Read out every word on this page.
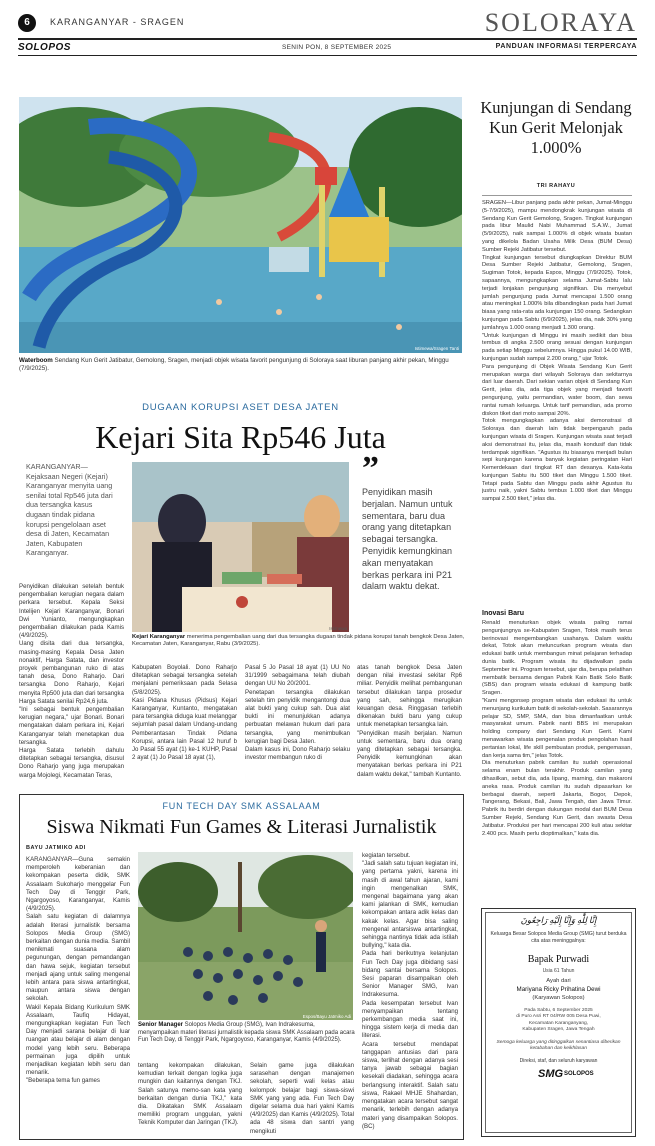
6	KARANGANYAR - SRAGEN	SOLORAYA
SOLOPOS	SENIN PON, 8 SEPTEMBER 2025	PANDUAN INFORMASI TERPERCAYA
Istimewa/Sragen Tanti
Waterboom Sendang Kun Gerit Jatibatur, Gemolong, Sragen, menjadi objek wisata favorit pengunjung di Soloraya saat liburan panjang akhir pekan, Minggu (7/9/2025).
Kunjungan di Sendang Kun Gerit Melonjak 1.000%
TRI RAHAYU
SRAGEN—Libur panjang pada akhir pekan, Jumat-Minggu (5-7/9/2025), mampu mendongkrak kunjungan wisata di Sendang Kun Gerit Gemolong, Sragen. Tingkat kunjungan pada libur Maulid Nabi Muhammad S.A.W., Jumat (5/9/2025), naik sampai 1.000% di objek wisata buatan yang dikelola Badan Usaha Milik Desa (BUM Desa) Sumber Rejeki Jatibatur tersebut.
Tingkat kunjungan tersebut diungkapkan Direktur BUM Desa Sumber Rejeki Jatibatur, Gemolong, Sragen, Sugiman Totok, kepada Espos, Minggu (7/9/2025). Totok, sapaannya, mengungkapkan selama Jumat-Sabtu lalu terjadi lonjakan pengunjung signifikan. Dia menyebut jumlah pengunjung pada Jumat mencapai 1.500 orang atau meningkat 1.000% bila dibandingkan pada hari Jumat biasa yang rata-rata ada kunjungan 150 orang. Sedangkan kunjungan pada Sabtu (6/9/2025), jelas dia, naik 30% yang jumlahnya 1.000 orang menjadi 1.300 orang.
"Untuk kunjungan di Minggu ini masih sedikit dan bisa tembus di angka 2.500 orang sesuai dengan kunjungan pada setiap Minggu sebelumnya. Hingga pukul 14.00 WIB, kunjungan sudah sampai 2.200 orang," ujar Totok.
Para pengunjung di Objek Wisata Sendang Kun Gerit merupakan warga dari wilayah Soloraya dan sekitarnya dari luar daerah. Dari sekian varian objek di Sendang Kun Gerit, jelas dia, ada tiga objek yang menjadi favorit pengunjung, yaitu permandian, water boom, dan sewa rantai rumah keluarga. Untuk tarif pemandian, ada promo diskon tiket dari moto sampai 20%.
Totok mengungkapkan adanya aksi demonstrasi di Soloraya dan daerah lain tidak berpengaruh pada kunjungan wisata di Sragen. Kunjungan wisata saat terjadi aksi demonstrasi itu, jelas dia, masih kondusif dan tidak terdampak signifikan. "Agustus itu biasanya menjadi bulan sepi kunjungan karena banyak kegiatan peringatan Hari Kemerdekaan dari tingkat RT dan desanya. Kata-kata kunjungan Sabtu itu 500 tiket dan Minggu 1.500 tiket. Tetapi pada Sabtu dan Minggu pada akhir Agustus itu justru naik, yakni Sabtu tembus 1.000 tiket dan Minggu sampai 2.500 tiket," jelas dia.
Inovasi Baru
Renald menuturkan objek wisata paling ramai pengunjungnya se-Kabupaten Sragen, Totok masih terus berinovasi mengembangkan usahanya. Dalam waktu dekat, Totok akan meluncurkan program wisata dan edukasi batik untuk membangun minat pelajaran terhadap dunia batik. Program wisata itu dijadwalkan pada September ini. Program tersebut, ujar dia, berupa pelatihan membatik bersama dengan Pabrik Kain Batik Solo Batik (SBS) dan program wisata edukasi di kampung batik Sragen.
"Kami mengonsep program wisata dan edukasi itu untuk menunjang kurikulum batik di sekolah-sekolah. Sasarannya pelajar SD, SMP, SMA, dan bisa dimanfaatkan untuk masyarakat umum. Pabrik nanti BBS ini merupakan holding company dari Sendang Kun Gerit. Kami menawarkan wisata pengenalan produk pengolahan hasil pertanian lokal, life skill pembuatan produk, pengemasan, dan kerja sama tim," jelas Totok.
Dia menuturkan pabrik camilan itu sudah operasional selama enam bulan terakhir. Produk camilan yang dihasilkan, sebut dia, ada lipang, marning, dan makaroni aneka rasa. Produk camilan itu sudah dipasarkan ke berbagai daerah, seperti Jakarta, Bogor, Depok, Tangerang, Bekasi, Bali, Jawa Tengah, dan Jawa Timur. Pabrik itu berdiri dengan dukungan modal dari BUM Desa Sumber Rejeki, Sendang Kun Gerit, dan swasta Desa Jatibatur. Produksi per hari mencapai 200 kuli atau sekitar 2.400 pcs. Masih perlu dioptimalkan," kata dia.
DUGAAN KORUPSI ASET DESA JATEN
Kejari Sita Rp546 Juta
KARANGANYAR—Kejaksaan Negeri (Kejari) Karanganyar menyita uang senilai total Rp546 juta dari dua tersangka kasus dugaan tindak pidana korupsi pengelolaan aset desa di Jaten, Kecamatan Jaten, Kabupaten Karanganyar.
Istimewa
Kejari Karanganyar menerima pengembalian uang dari dua tersangka dugaan tindak pidana korupsi tanah bengkok Desa Jaten, Kecamatan Jaten, Karanganyar, Rabu (3/9/2025).
”
Penyidikan masih berjalan. Namun untuk sementara, baru dua orang yang ditetapkan sebagai tersangka. Penyidik kemungkinan akan menyatakan berkas perkara ini P21 dalam waktu dekat.
Penyidikan dilakukan setelah bentuk pengembalian kerugian negara dalam perkara tersebut. Kepala Seksi Intelijen Kejari Karanganyar, Bonari Dwi Yunianto, mengungkapkan pengembalian dilakukan pada Kamis (4/9/2025).
Uang disita dari dua tersangka, masing-masing Kepala Desa Jaten nonaktif, Harga Satata, dan investor proyek pembangunan ruko di atas tanah desa, Dono Raharjo. Dari tersangka Dono Raharjo, Kejari menyita Rp500 juta dan dari tersangka Harga Satata senilai Rp24,6 juta.
"Ini sebagai bentuk pengembalian kerugian negara," ujar Bonari. Bonari mengatakan dalam perkara ini, Kejari Karanganyar telah menetapkan dua tersangka.
Harga Satata terlebih dahulu ditetapkan sebagai tersangka, disusul Dono Raharjo yang juga merupakan warga Mojolegi, Kecamatan Teras,
Kabupaten Boyolali. Dono Raharjo ditetapkan sebagai tersangka setelah menjalani pemeriksaan pada Selasa (5/8/2025).
Kasi Pidana Khusus (Pidsus) Kejari Karanganyar, Kuntanto, mengatakan para tersangka diduga kuat melanggar sejumlah pasal dalam Undang-undang Pemberantasan Tindak Pidana Korupsi, antara lain Pasal 12 huruf b Jo Pasal 55 ayat (1) ke-1 KUHP, Pasal 2 ayat (1) Jo Pasal 18 ayat (1),
Pasal 5 Jo Pasal 18 ayat (1) UU No 31/1999 sebagaimana telah diubah dengan UU No 20/2001.
Penetapan tersangka dilakukan setelah tim penyidik mengantongi dua alat bukti yang cukup sah. Dua alat bukti ini menunjukkan adanya perbuatan melawan hukum dari para tersangka, yang menimbulkan kerugian bagi Desa Jaten.
Dalam kasus ini, Dono Raharjo selaku investor membangun ruko di
atas tanah bengkok Desa Jaten dengan nilai investasi sekitar Rp6 miliar. Penyidik melihat pembangunan tersebut dilakukan tanpa prosedur yang sah, sehingga merugikan keuangan desa. Ringgasan terlebih dikenakan bukti baru yang cukup untuk menetapkan tersangka lain.
"Penyidikan masih berjalan. Namun untuk sementara, baru dua orang yang ditetapkan sebagai tersangka. Penyidik kemungkinan akan menyatakan berkas perkara ini P21 dalam waktu dekat," tambah Kuntanto.
FUN TECH DAY SMK ASSALAAM
Siswa Nikmati Fun Games & Literasi Jurnalistik
BAYU JATMIKO ADI
KARANGANYAR—Guna semakin memperoleh keberanian dan kekompakan peserta didik, SMK Assalaam Sukoharjo menggelar Fun Tech Day di Tenggir Park, Ngargoyoso, Karanganyar, Kamis (4/9/2025).
Salah satu kegiatan di dalamnya adalah literasi jurnalistik bersama Solopos Media Group (SMG) berkaitan dengan dunia media. Sambil menikmati suasana alam pegunungan, dengan pemandangan dan hawa sejuk, kegiatan tersebut menjadi ajang untuk saling mengenal lebih antara para siswa antartingkat, maupun antara siswa dengan sekolah.
Wakil Kepala Bidang Kurikulum SMK Assalaam, Taufiq Hidayat, mengungkapkan kegiatan Fun Tech Day menjadi sarana belajar di luar ruangan atau belajar di alam dengan model yang lebih seru. Beberapa permainan juga dipilih untuk menjadikan kegiatan lebih seru dan menarik.
"Beberapa tema fun games
Espos/Bayu Jatmiko Adi
Senior Manager Solopos Media Group (SMG), Ivan Indrakesuma, menyampaikan materi literasi jurnalistik kepada siswa SMK Assalaam pada acara Fun Tech Day, di Tenggir Park, Ngargoyoso, Karanganyar, Kamis (4/9/2025).
tentang kekompakan dilakukan, kemudian terkait dengan logika juga mungkin dan kaitannya dengan TKJ. Salah satunya memo-san kata yang berkaitan dengan dunia TKJ," kata dia. Dikatakan SMK Assalaam memiliki program unggulan, yakni Teknik Komputer dan Jaringan (TKJ).
Selain game juga dilakukan sarasehan dengan manajemen sekolah, seperti wali kelas atau kelompok belajar bagi siswa-siswi SMK yang yang ada. Fun Tech Day digelar selama dua hari yakni Kamis (4/9/2025) dan Kamis (4/9/2025). Total ada 48 siswa dan santri yang mengikuti
kegiatan tersebut.
"Jadi salah satu tujuan kegiatan ini, yang pertama yakni, karena ini masih di awal tahun ajaran, kami ingin mengenalkan SMK, mengenal bagaimana yang akan kami jalankan di SMK, kemudian kekompakan antara adik kelas dan kakak kelas. Agar bisa saling mengenal antarsiswa antartingkat, sehingga nantinya tidak ada istilah bullying," kata dia.
Pada hari berikutnya kelanjutan Fun Tech Day juga dibidang sasi bidang santai bersama Solopos. Sesi paparan disampaikan oleh Senior Manager SMG, Ivan Indrakesuma.
Pada kesempatan tersebut Ivan menyampaikan tentang perkembangan media saat ini, hingga sistem kerja di media dan literasi.
Acara tersebut mendapat tanggapan antusias dari para siswa, terlihat dengan adanya sesi tanya jawab sebagai bagian kesekali diadakan, sehingga acara berlangsung interaktif. Salah satu siswa, Rakael MHJE Shahardan, mengatakan acara tersebut sangat menarik, terlebih dengan adanya materi yang disampaikan Solopos. (BC)
إِنَّا لِلَّٰهِ وَإِنَّا إِلَيْهِ رَاجِعُونَ
Keluarga Besar Solopos Media Group (SMG) turut berduka cita atas meninggalnya:
Bapak Purwadi
Usia 61 Tahun
Ayah dari
Mariyana Ricky Prihatina Dewi
(Karyawan Solopos)
Pada Sabtu, 6 September 2025
di Puro Asri RT 04/RW 005 Desa Puwi,
Kecamatan Karanganyang,
Kabupaten Sragen, Jawa Tengah
Semoga keluarga yang ditinggalkan senantiasa diberikan ketabahan dan keikhlasan
Direksi, staf, dan seluruh karyawan
SMG SOLOPOS
